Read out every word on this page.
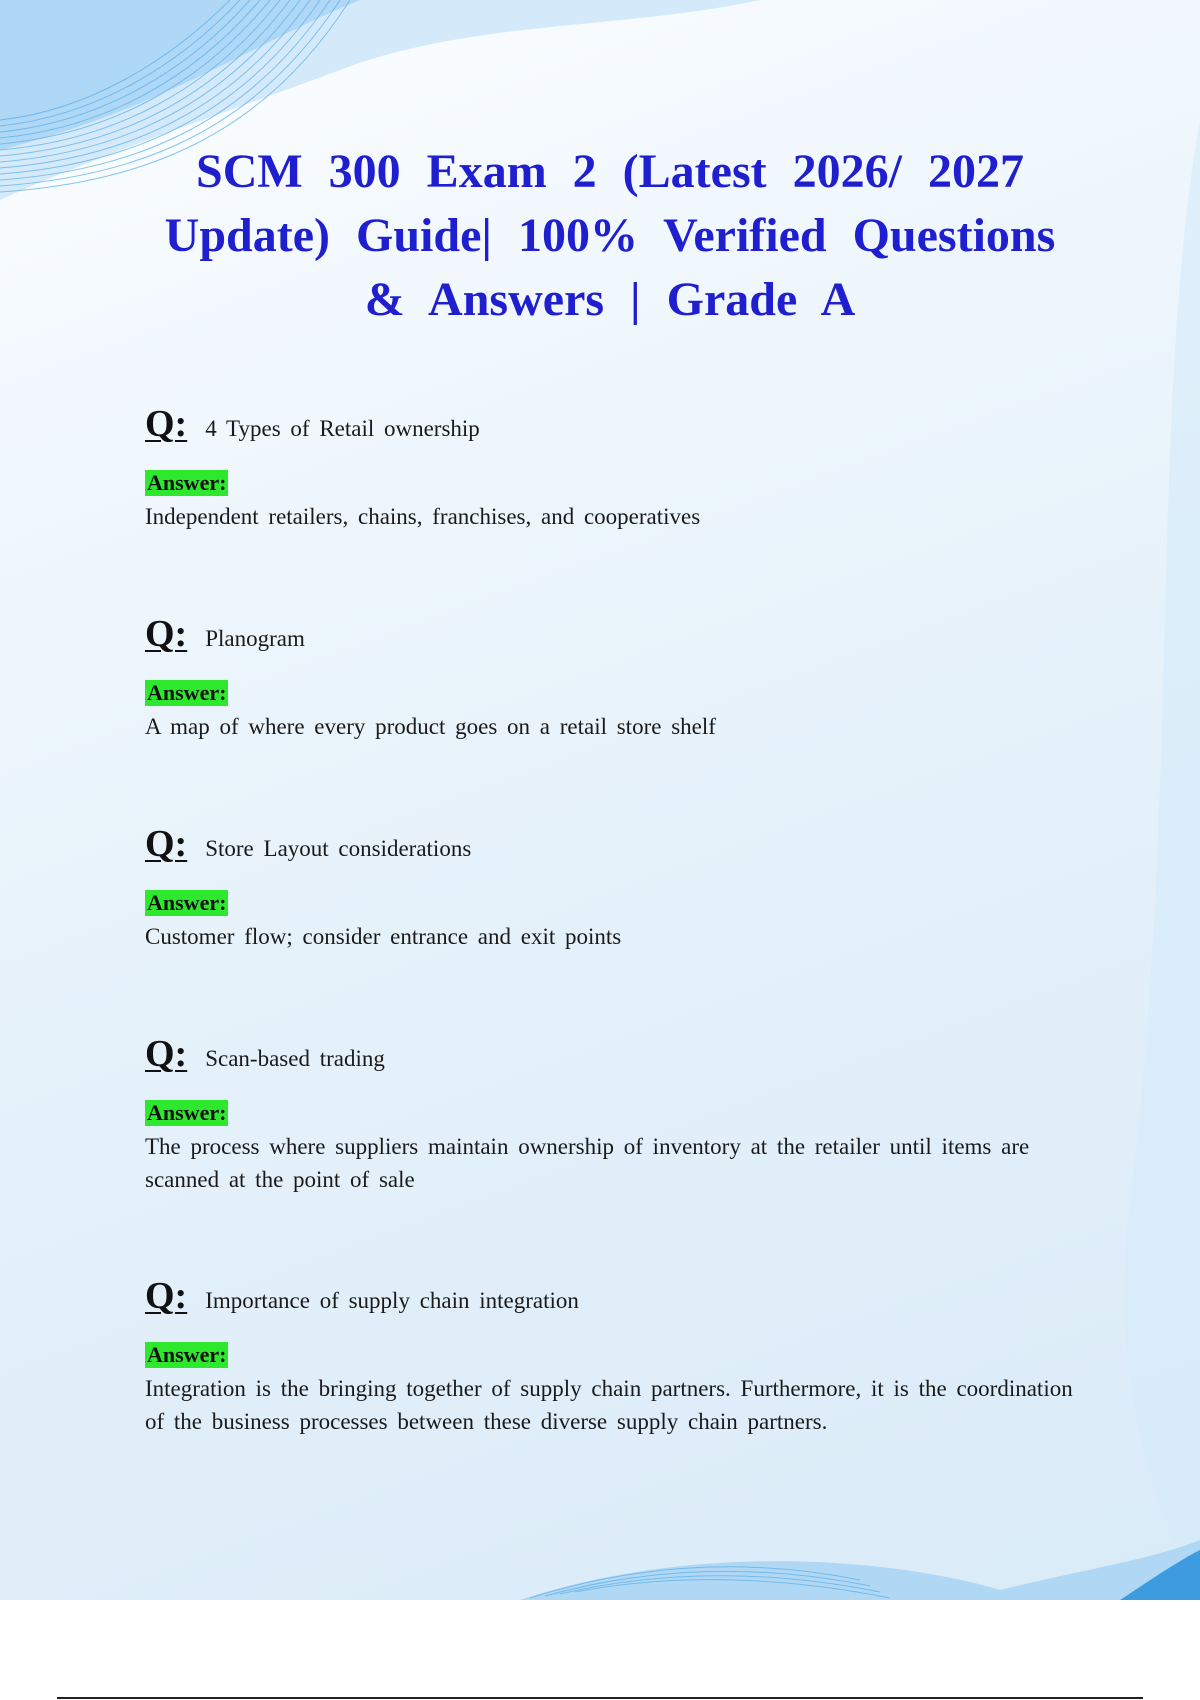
SCM 300 Exam 2 (Latest 2026/ 2027 Update) Guide| 100% Verified Questions & Answers | Grade A
Q: 4 Types of Retail ownership
Answer:
Independent retailers, chains, franchises, and cooperatives
Q: Planogram
Answer:
A map of where every product goes on a retail store shelf
Q: Store Layout considerations
Answer:
Customer flow; consider entrance and exit points
Q: Scan-based trading
Answer:
The process where suppliers maintain ownership of inventory at the retailer until items are scanned at the point of sale
Q: Importance of supply chain integration
Answer:
Integration is the bringing together of supply chain partners. Furthermore, it is the coordination of the business processes between these diverse supply chain partners.
